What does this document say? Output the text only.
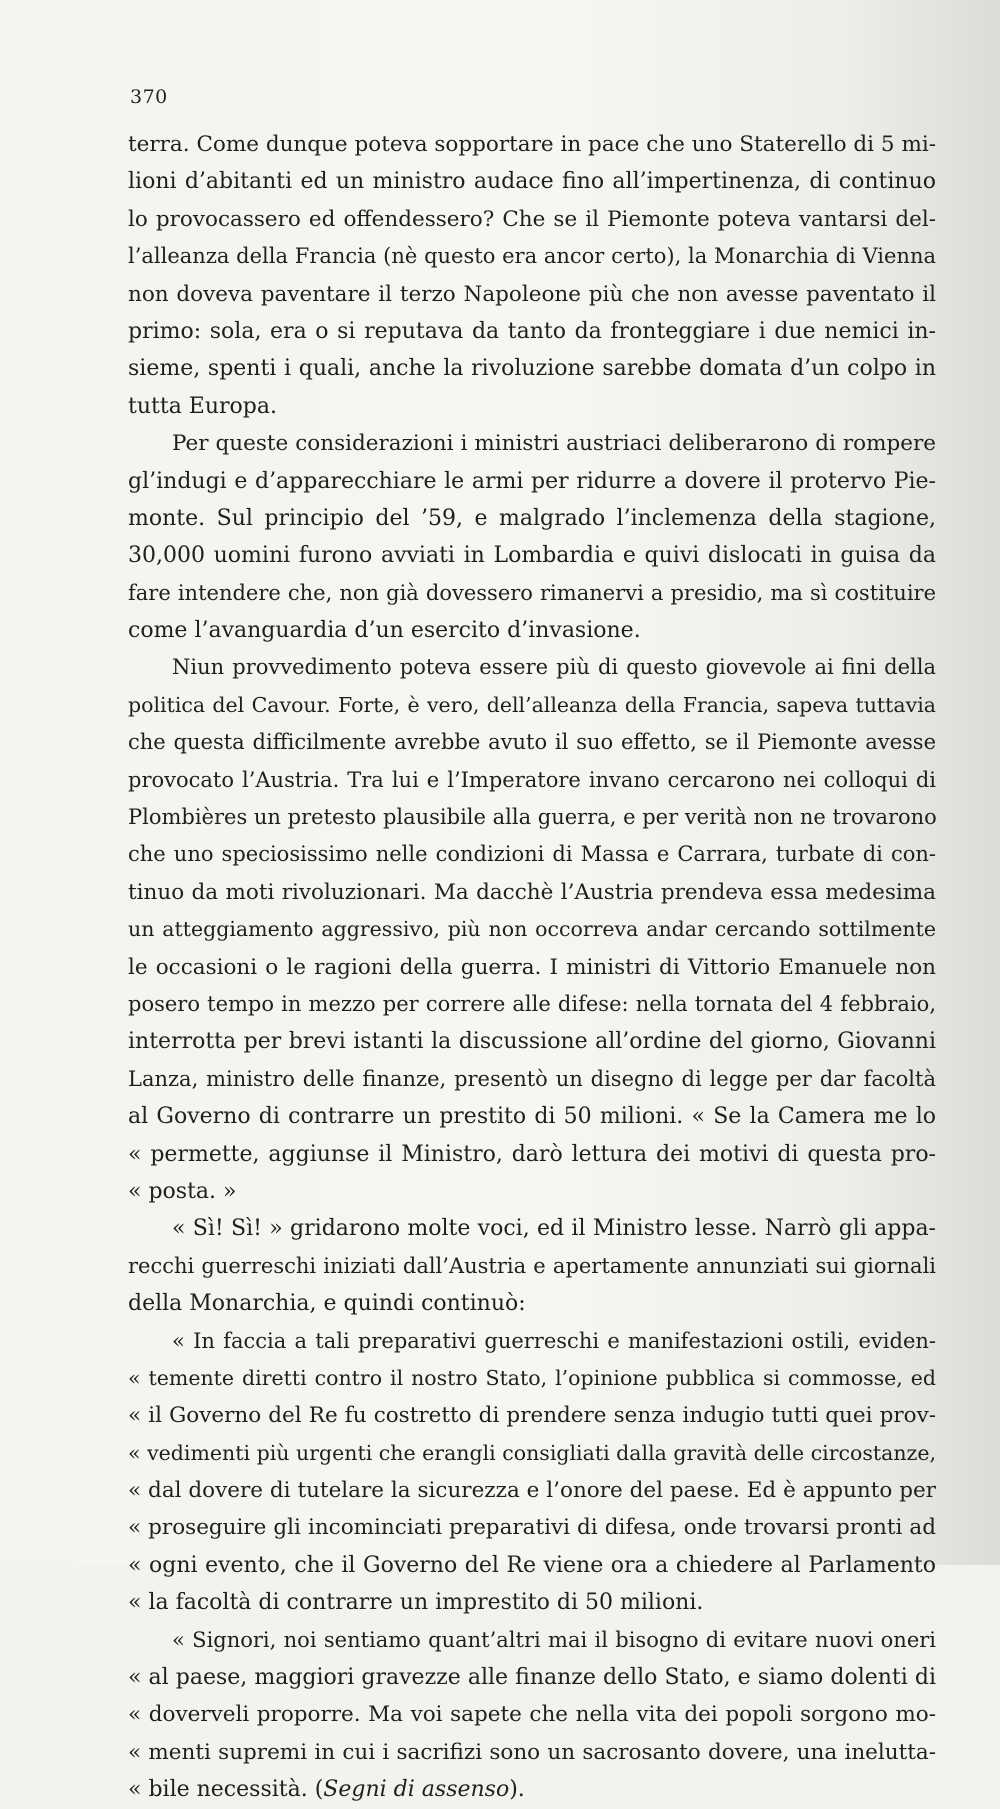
370
terra. Come dunque poteva sopportare in pace che uno Staterello di 5 mi-
lioni d’abitanti ed un ministro audace fino all’impertinenza, di continuo
lo provocassero ed offendessero? Che se il Piemonte poteva vantarsi del-
l’alleanza della Francia (nè questo era ancor certo), la Monarchia di Vienna
non doveva paventare il terzo Napoleone più che non avesse paventato il
primo: sola, era o si reputava da tanto da fronteggiare i due nemici in-
sieme, spenti i quali, anche la rivoluzione sarebbe domata d’un colpo in
tutta Europa.
Per queste considerazioni i ministri austriaci deliberarono di rompere
gl’indugi e d’apparecchiare le armi per ridurre a dovere il protervo Pie-
monte. Sul principio del ’59, e malgrado l’inclemenza della stagione,
30,000 uomini furono avviati in Lombardia e quivi dislocati in guisa da
fare intendere che, non già dovessero rimanervi a presidio, ma sì costituire
come l’avanguardia d’un esercito d’invasione.
Niun provvedimento poteva essere più di questo giovevole ai fini della
politica del Cavour. Forte, è vero, dell’alleanza della Francia, sapeva tuttavia
che questa difficilmente avrebbe avuto il suo effetto, se il Piemonte avesse
provocato l’Austria. Tra lui e l’Imperatore invano cercarono nei colloqui di
Plombières un pretesto plausibile alla guerra, e per verità non ne trovarono
che uno speciosissimo nelle condizioni di Massa e Carrara, turbate di con-
tinuo da moti rivoluzionari. Ma dacchè l’Austria prendeva essa medesima
un atteggiamento aggressivo, più non occorreva andar cercando sottilmente
le occasioni o le ragioni della guerra. I ministri di Vittorio Emanuele non
posero tempo in mezzo per correre alle difese: nella tornata del 4 febbraio,
interrotta per brevi istanti la discussione all’ordine del giorno, Giovanni
Lanza, ministro delle finanze, presentò un disegno di legge per dar facoltà
al Governo di contrarre un prestito di 50 milioni. « Se la Camera me lo
« permette, aggiunse il Ministro, darò lettura dei motivi di questa pro-
« posta. »
« Sì! Sì! » gridarono molte voci, ed il Ministro lesse. Narrò gli appa-
recchi guerreschi iniziati dall’Austria e apertamente annunziati sui giornali
della Monarchia, e quindi continuò:
« In faccia a tali preparativi guerreschi e manifestazioni ostili, eviden-
« temente diretti contro il nostro Stato, l’opinione pubblica si commosse, ed
« il Governo del Re fu costretto di prendere senza indugio tutti quei prov-
« vedimenti più urgenti che erangli consigliati dalla gravità delle circostanze,
« dal dovere di tutelare la sicurezza e l’onore del paese. Ed è appunto per
« proseguire gli incominciati preparativi di difesa, onde trovarsi pronti ad
« ogni evento, che il Governo del Re viene ora a chiedere al Parlamento
« la facoltà di contrarre un imprestito di 50 milioni.
« Signori, noi sentiamo quant’altri mai il bisogno di evitare nuovi oneri
« al paese, maggiori gravezze alle finanze dello Stato, e siamo dolenti di
« doverveli proporre. Ma voi sapete che nella vita dei popoli sorgono mo-
« menti supremi in cui i sacrifizi sono un sacrosanto dovere, una ineluttа-
« bile necessità. (Segni di assenso).
